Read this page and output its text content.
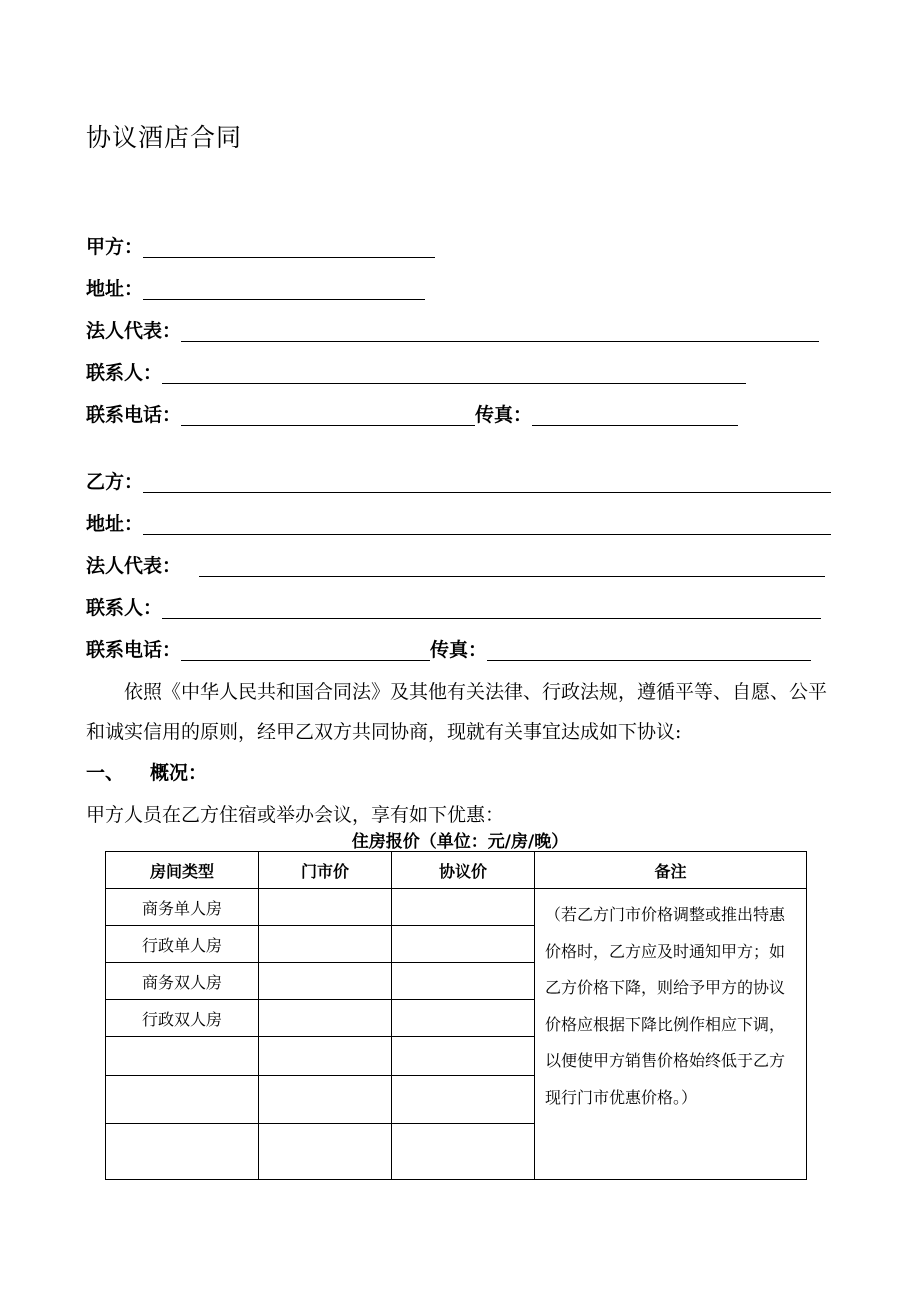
协议酒店合同
甲方：
地址：
法人代表：
联系人：
联系电话：	传真：
乙方：
地址：
法人代表：
联系人：
联系电话：	传真：
依照《中华人民共和国合同法》及其他有关法律、行政法规，遵循平等、自愿、公平和诚实信用的原则，经甲乙双方共同协商，现就有关事宜达成如下协议:
一、 概况：
甲方人员在乙方住宿或举办会议，享有如下优惠：
住房报价（单位：元/房/晚）
房间类型	门市价	协议价	备注
商务单人房			（若乙方门市价格调整或推出特惠价格时，乙方应及时通知甲方；如乙方价格下降，则给予甲方的协议价格应根据下降比例作相应下调，以便使甲方销售价格始终低于乙方现行门市优惠价格。）
行政单人房			
商务双人房			
行政双人房			
